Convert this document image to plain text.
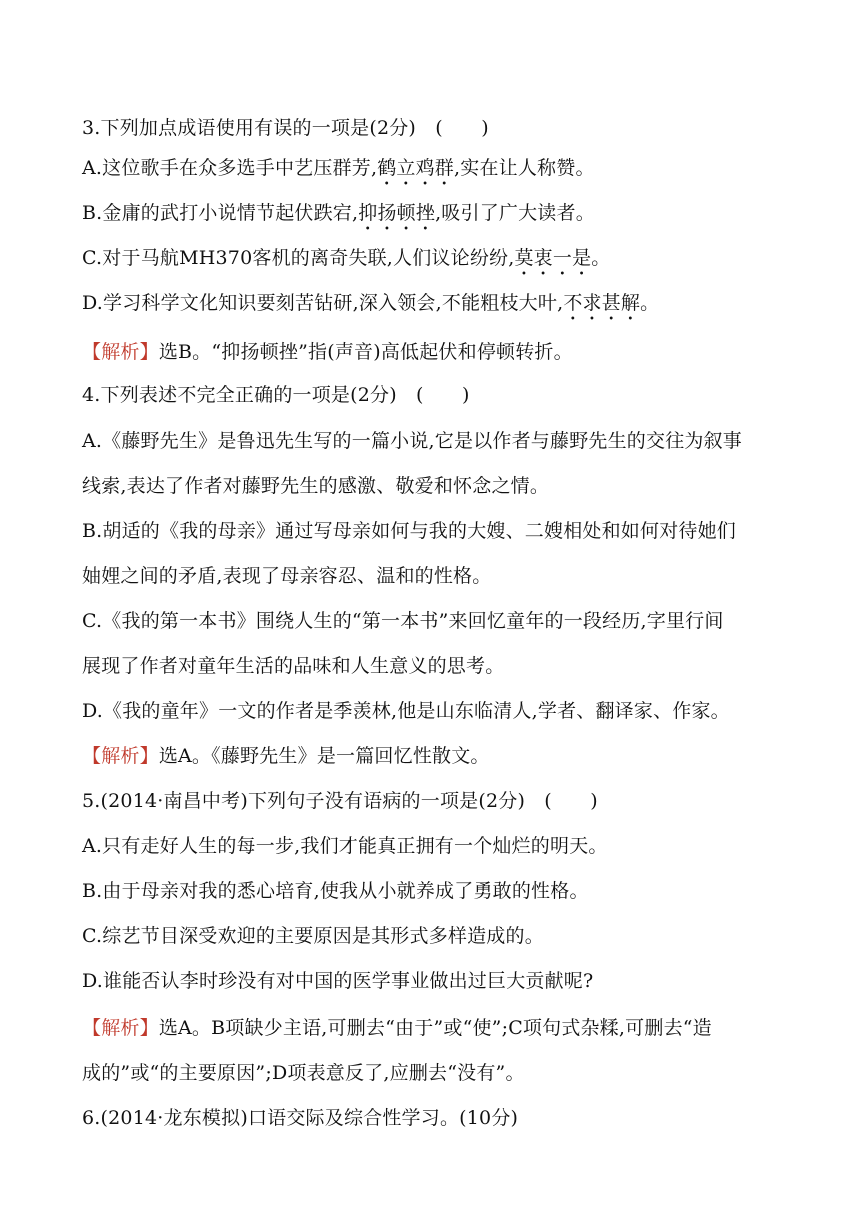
3.下列加点成语使用有误的一项是(2分)　(　　)
A.这位歌手在众多选手中艺压群芳,鹤立鸡群,实在让人称赞。
B.金庸的武打小说情节起伏跌宕,抑扬顿挫,吸引了广大读者。
C.对于马航MH370客机的离奇失联,人们议论纷纷,莫衷一是。
D.学习科学文化知识要刻苦钻研,深入领会,不能粗枝大叶,不求甚解。
【解析】选B。“抑扬顿挫”指(声音)高低起伏和停顿转折。
4.下列表述不完全正确的一项是(2分)　(　　)
A.《藤野先生》是鲁迅先生写的一篇小说,它是以作者与藤野先生的交往为叙事
线索,表达了作者对藤野先生的感激、敬爱和怀念之情。
B.胡适的《我的母亲》通过写母亲如何与我的大嫂、二嫂相处和如何对待她们
妯娌之间的矛盾,表现了母亲容忍、温和的性格。
C.《我的第一本书》围绕人生的“第一本书”来回忆童年的一段经历,字里行间
展现了作者对童年生活的品味和人生意义的思考。
D.《我的童年》一文的作者是季羡林,他是山东临清人,学者、翻译家、作家。
【解析】选A。《藤野先生》是一篇回忆性散文。
5.(2014·南昌中考)下列句子没有语病的一项是(2分)　(　　)
A.只有走好人生的每一步,我们才能真正拥有一个灿烂的明天。
B.由于母亲对我的悉心培育,使我从小就养成了勇敢的性格。
C.综艺节目深受欢迎的主要原因是其形式多样造成的。
D.谁能否认李时珍没有对中国的医学事业做出过巨大贡献呢?
【解析】选A。B项缺少主语,可删去“由于”或“使”;C项句式杂糅,可删去“造
成的”或“的主要原因”;D项表意反了,应删去“没有”。
6.(2014·龙东模拟)口语交际及综合性学习。(10分)
